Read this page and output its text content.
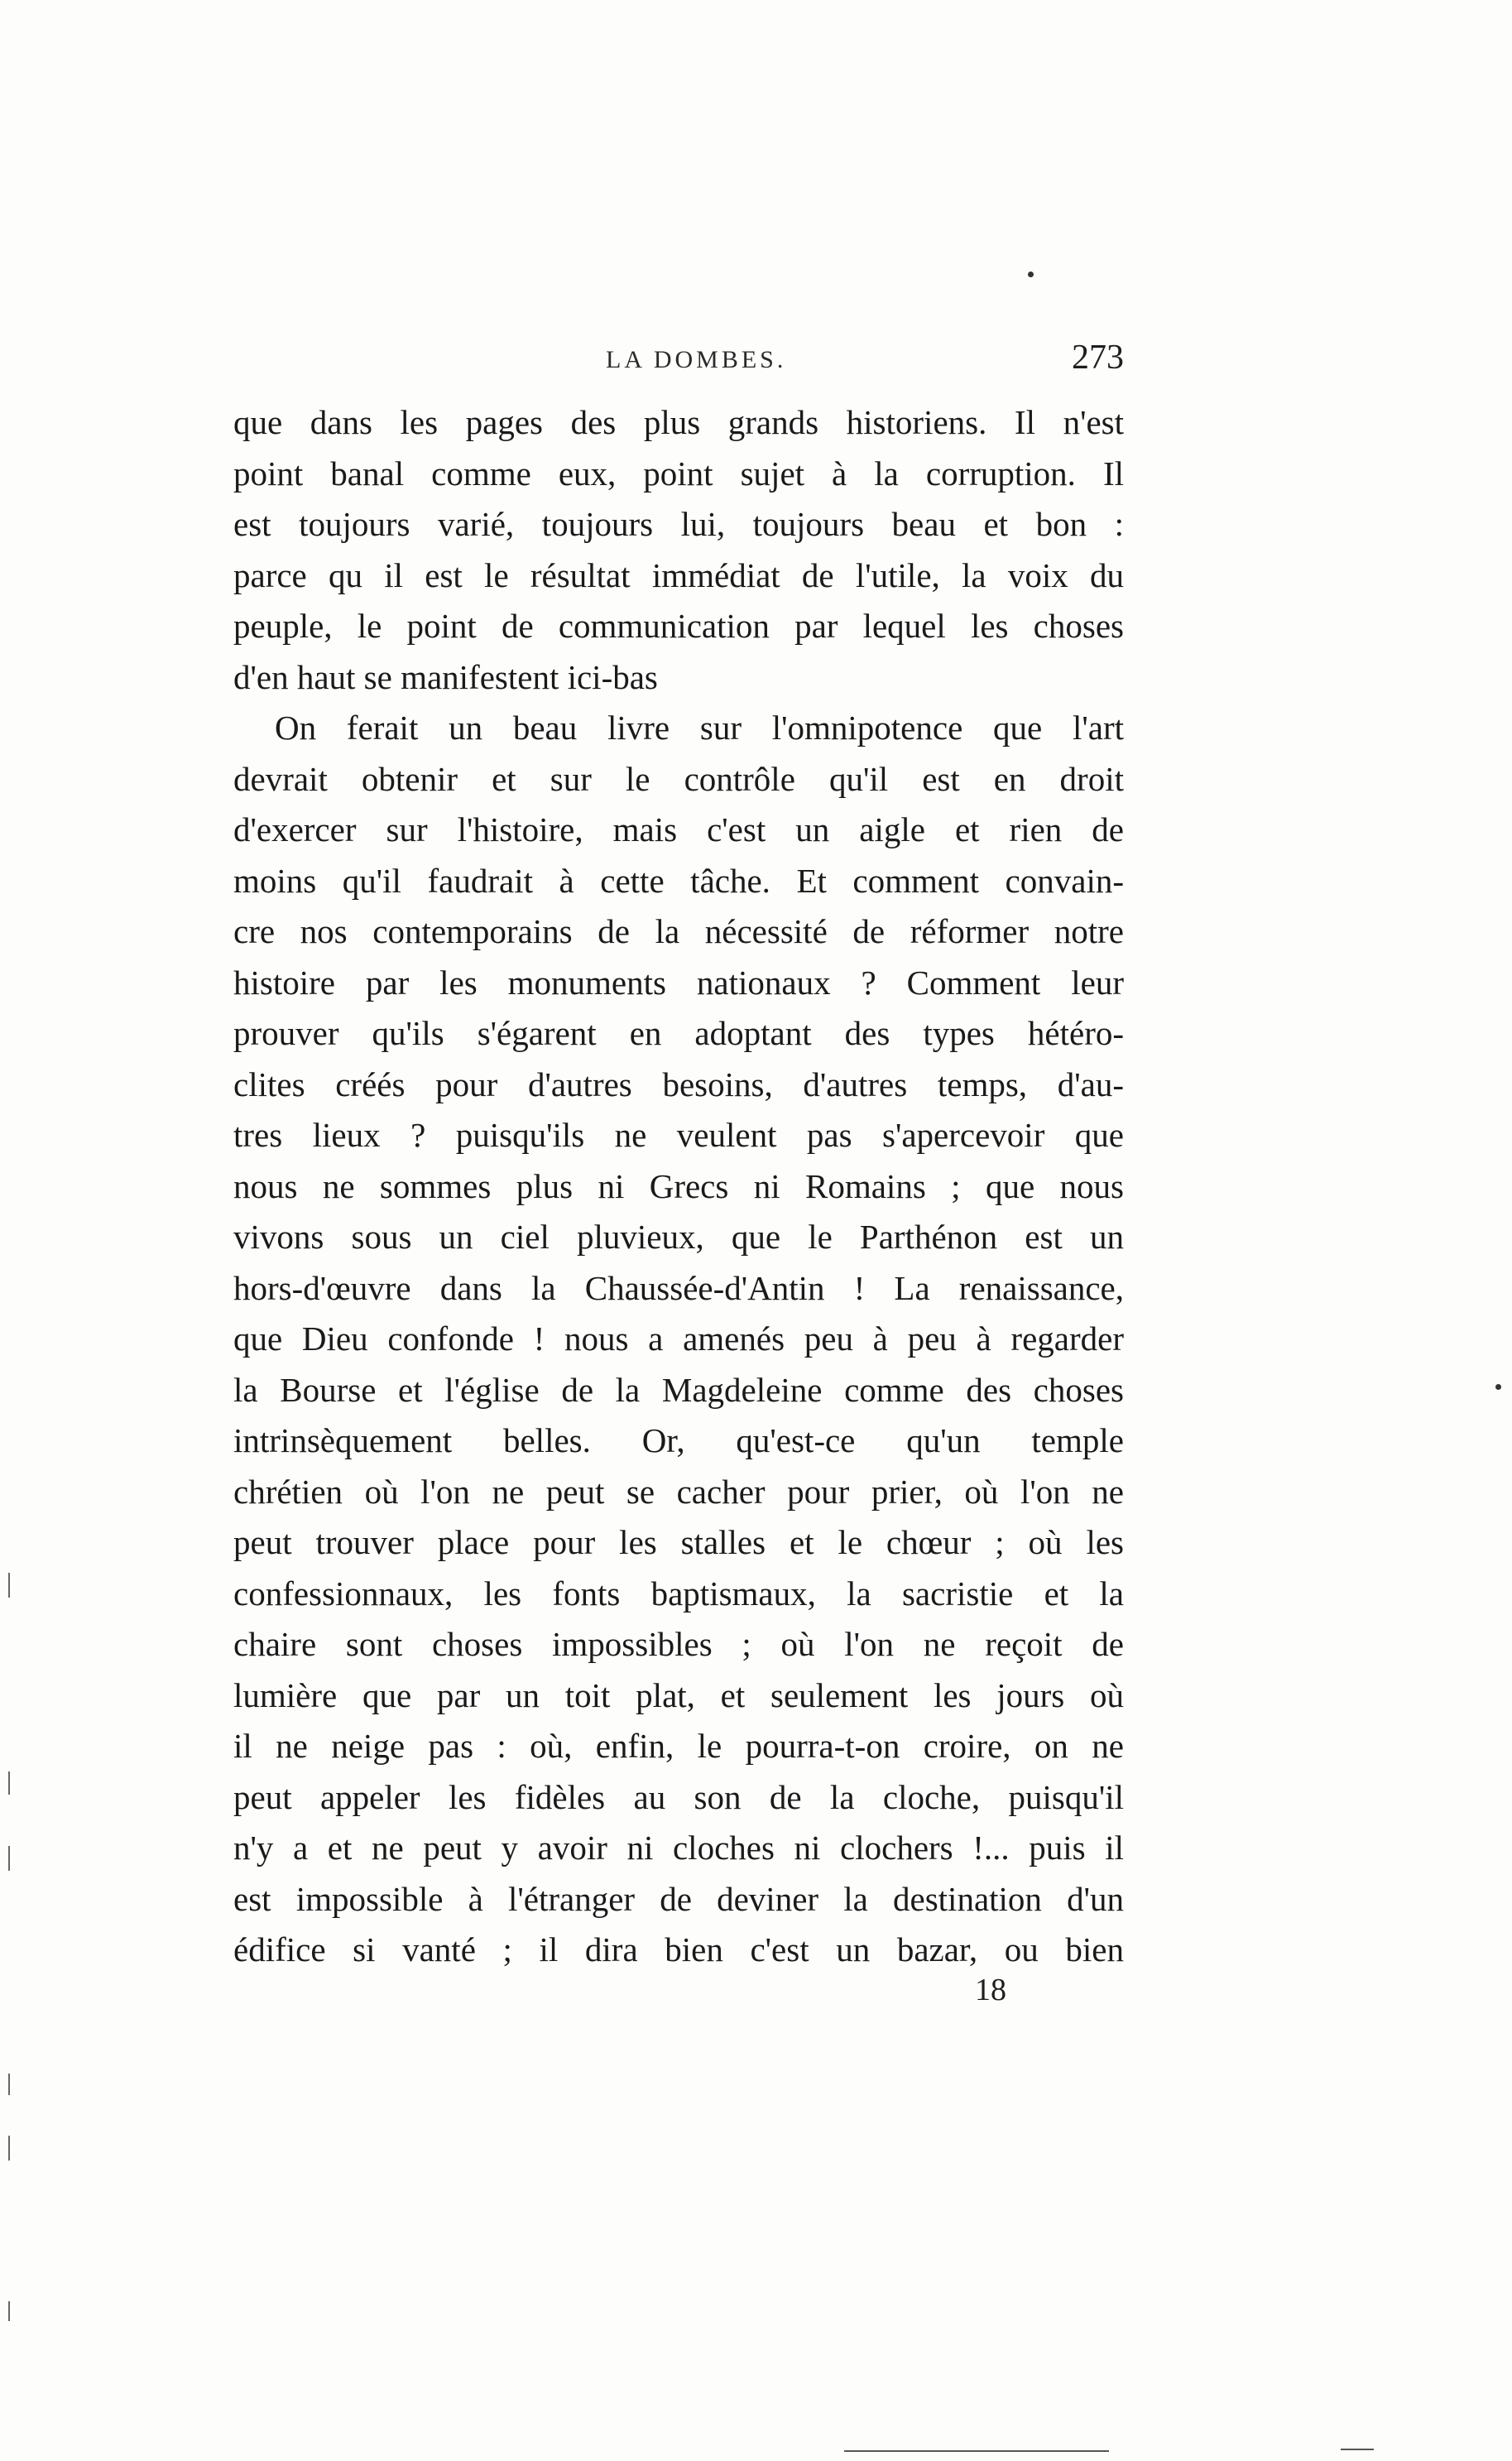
LA DOMBES.	273
que dans les pages des plus grands historiens. Il n'est
point banal comme eux, point sujet à la corruption. Il
est toujours varié, toujours lui, toujours beau et bon :
parce qu il est le résultat immédiat de l'utile, la voix du
peuple, le point de communication par lequel les choses
d'en haut se manifestent ici-bas
On ferait un beau livre sur l'omnipotence que l'art
devrait obtenir et sur le contrôle qu'il est en droit
d'exercer sur l'histoire, mais c'est un aigle et rien de
moins qu'il faudrait à cette tâche. Et comment convain-
cre nos contemporains de la nécessité de réformer notre
histoire par les monuments nationaux ? Comment leur
prouver qu'ils s'égarent en adoptant des types hétéro-
clites créés pour d'autres besoins, d'autres temps, d'au-
tres lieux ? puisqu'ils ne veulent pas s'apercevoir que
nous ne sommes plus ni Grecs ni Romains ; que nous
vivons sous un ciel pluvieux, que le Parthénon est un
hors-d'œuvre dans la Chaussée-d'Antin ! La renaissance,
que Dieu confonde ! nous a amenés peu à peu à regarder
la Bourse et l'église de la Magdeleine comme des choses
intrinsèquement belles. Or, qu'est-ce qu'un temple
chrétien où l'on ne peut se cacher pour prier, où l'on ne
peut trouver place pour les stalles et le chœur ; où les
confessionnaux, les fonts baptismaux, la sacristie et la
chaire sont choses impossibles ; où l'on ne reçoit de
lumière que par un toit plat, et seulement les jours où
il ne neige pas : où, enfin, le pourra-t-on croire, on ne
peut appeler les fidèles au son de la cloche, puisqu'il
n'y a et ne peut y avoir ni cloches ni clochers !... puis il
est impossible à l'étranger de deviner la destination d'un
édifice si vanté ; il dira bien c'est un bazar, ou bien
18
